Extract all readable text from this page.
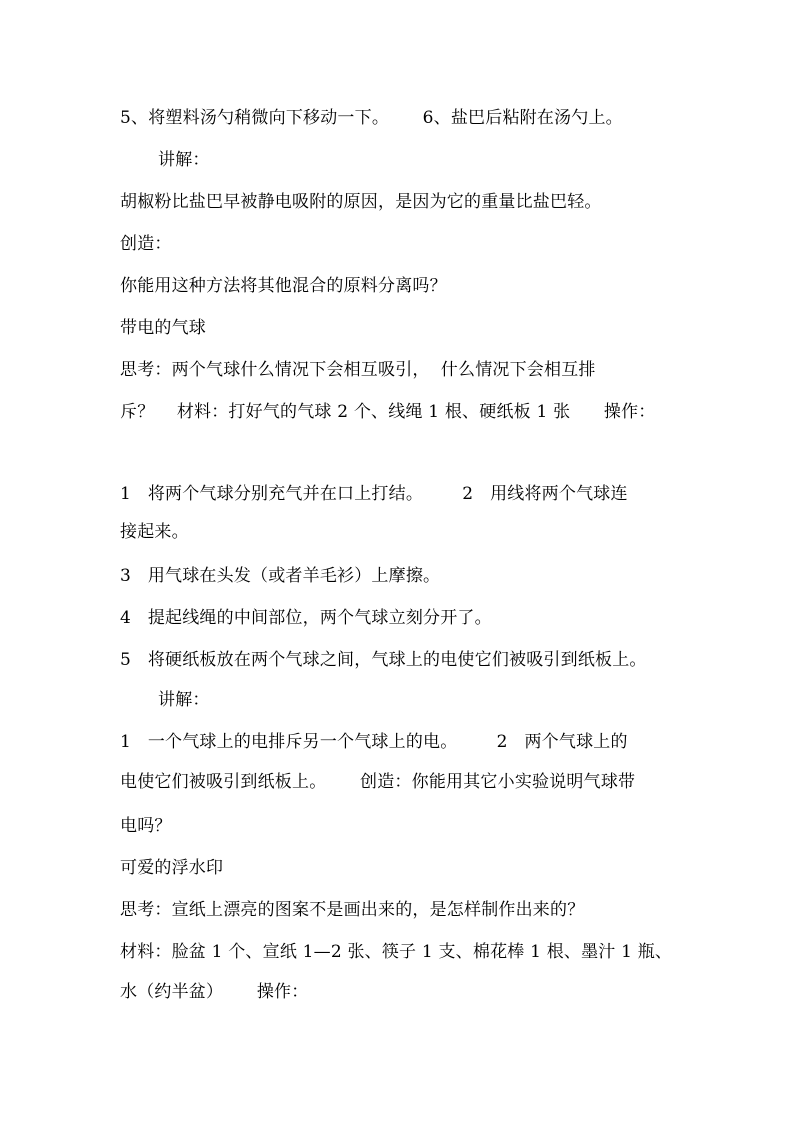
5、将塑料汤勺稍微向下移动一下。      6、盐巴后粘附在汤勺上。
讲解：
胡椒粉比盐巴早被静电吸附的原因，是因为它的重量比盐巴轻。
创造：
你能用这种方法将其他混合的原料分离吗？
带电的气球
思考：两个气球什么情况下会相互吸引，  什么情况下会相互排
斥？    材料：打好气的气球 2 个、线绳 1 根、硬纸板 1 张      操作：
1   将两个气球分别充气并在口上打结。       2   用线将两个气球连
接起来。
3   用气球在头发（或者羊毛衫）上摩擦。
4   提起线绳的中间部位，两个气球立刻分开了。
5   将硬纸板放在两个气球之间，气球上的电使它们被吸引到纸板上。
讲解：
1   一个气球上的电排斥另一个气球上的电。       2   两个气球上的
电使它们被吸引到纸板上。      创造：你能用其它小实验说明气球带
电吗？
可爱的浮水印
思考：宣纸上漂亮的图案不是画出来的，是怎样制作出来的？
材料：脸盆 1 个、宣纸 1—2 张、筷子 1 支、棉花棒 1 根、墨汁 1 瓶、
水（约半盆）      操作：
